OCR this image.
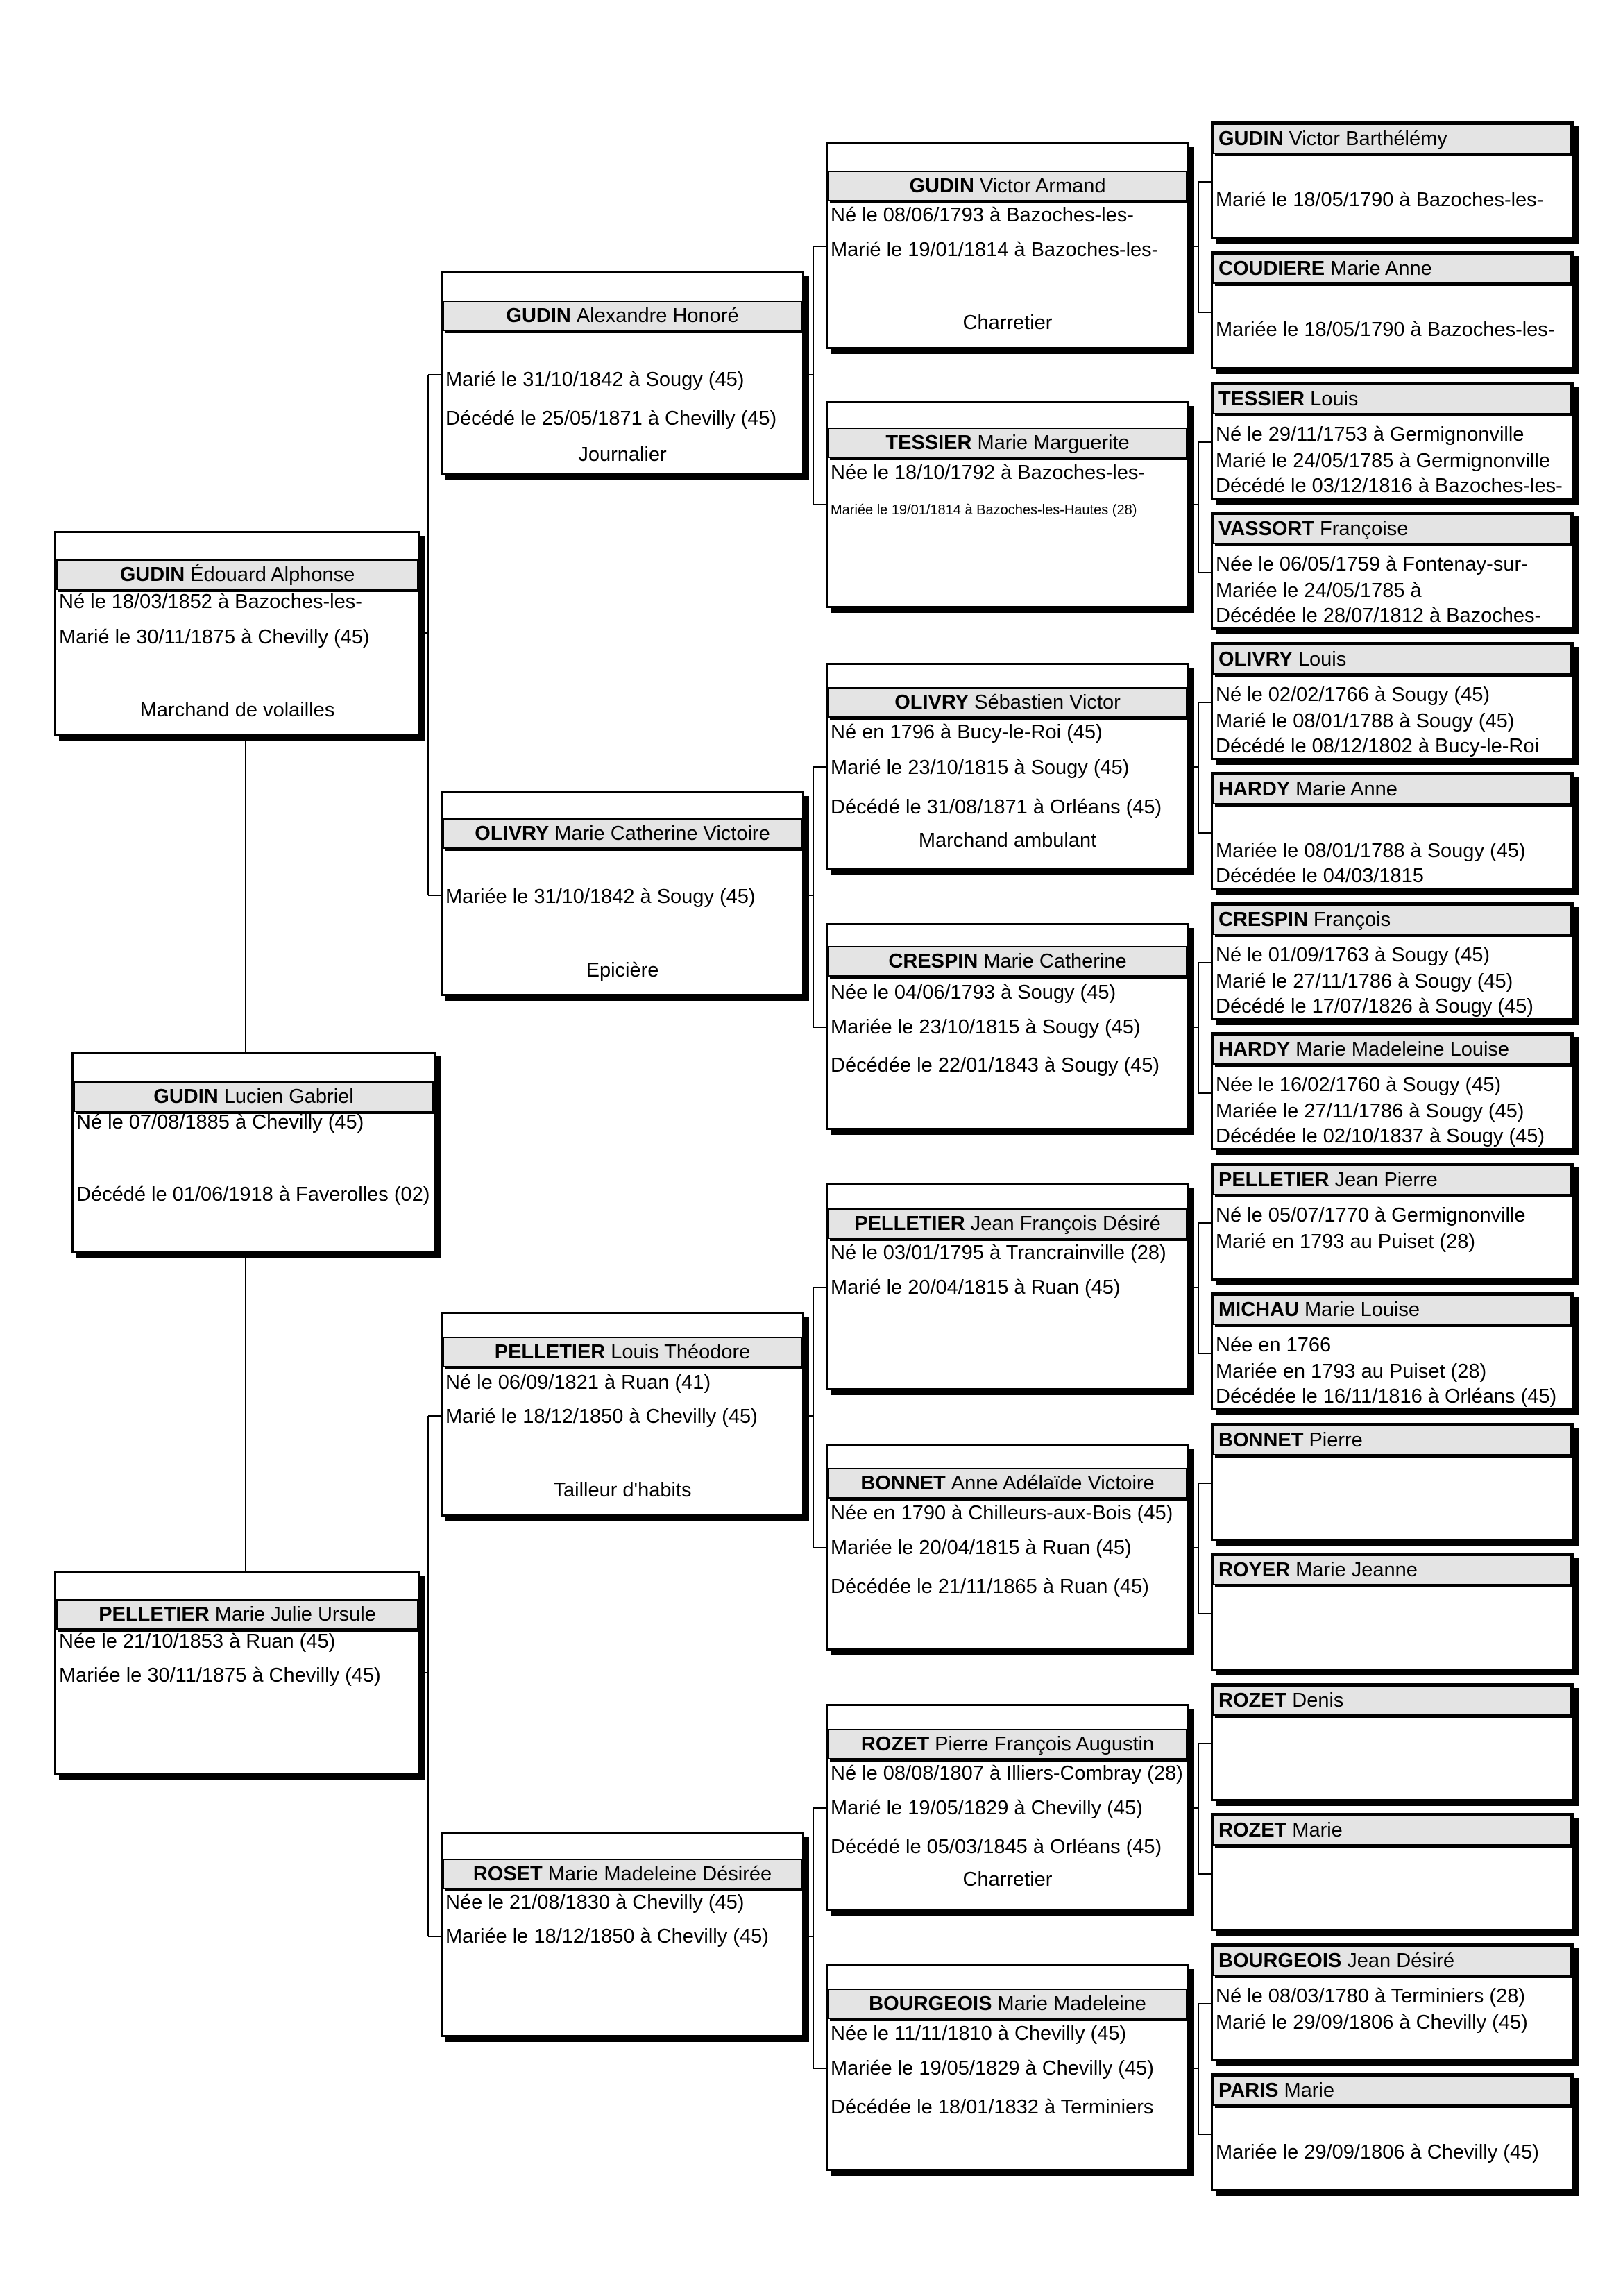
GUDIN Lucien Gabriel
Né le 07/08/1885 à Chevilly (45)
Décédé le 01/06/1918 à Faverolles (02)
GUDIN Édouard Alphonse
Né le 18/03/1852 à Bazoches-les-
Marié le 30/11/1875 à Chevilly (45)
Marchand de volailles
PELLETIER Marie Julie Ursule
Née le 21/10/1853 à Ruan (45)
Mariée le 30/11/1875 à Chevilly (45)
GUDIN Alexandre Honoré
Marié le 31/10/1842 à Sougy (45)
Décédé le 25/05/1871 à Chevilly (45)
Journalier
OLIVRY Marie Catherine Victoire
Mariée le 31/10/1842 à Sougy (45)
Epicière
PELLETIER Louis Théodore
Né le 06/09/1821 à Ruan (41)
Marié le 18/12/1850 à Chevilly (45)
Tailleur d'habits
ROSET Marie Madeleine Désirée
Née le 21/08/1830 à Chevilly (45)
Mariée le 18/12/1850 à Chevilly (45)
GUDIN Victor Armand
Né le 08/06/1793 à Bazoches-les-
Marié le 19/01/1814 à Bazoches-les-
Charretier
TESSIER Marie Marguerite
Née le 18/10/1792 à Bazoches-les-
Mariée le 19/01/1814 à Bazoches-les-Hautes (28)
OLIVRY Sébastien Victor
Né en 1796 à Bucy-le-Roi (45)
Marié le 23/10/1815 à Sougy (45)
Décédé le 31/08/1871 à Orléans (45)
Marchand ambulant
CRESPIN Marie Catherine
Née le 04/06/1793 à Sougy (45)
Mariée le 23/10/1815 à Sougy (45)
Décédée le 22/01/1843 à Sougy (45)
PELLETIER Jean François Désiré
Né le 03/01/1795 à Trancrainville (28)
Marié le 20/04/1815 à Ruan (45)
BONNET Anne Adélaïde Victoire
Née en 1790 à Chilleurs-aux-Bois (45)
Mariée le 20/04/1815 à Ruan (45)
Décédée le 21/11/1865 à Ruan (45)
ROZET Pierre François Augustin
Né le 08/08/1807 à Illiers-Combray (28)
Marié le 19/05/1829 à Chevilly (45)
Décédé le 05/03/1845 à Orléans (45)
Charretier
BOURGEOIS Marie Madeleine
Née le 11/11/1810 à Chevilly (45)
Mariée le 19/05/1829 à Chevilly (45)
Décédée le 18/01/1832 à Terminiers
GUDIN Victor Barthélémy
Marié le 18/05/1790 à Bazoches-les-
COUDIERE Marie Anne
Mariée le 18/05/1790 à Bazoches-les-
TESSIER Louis
Né le 29/11/1753 à Germignonville
Marié le 24/05/1785 à Germignonville
Décédé le 03/12/1816 à Bazoches-les-
VASSORT Françoise
Née le 06/05/1759 à Fontenay-sur-
Mariée le 24/05/1785 à
Décédée le 28/07/1812 à Bazoches-
OLIVRY Louis
Né le 02/02/1766 à Sougy (45)
Marié le 08/01/1788 à Sougy (45)
Décédé le 08/12/1802 à Bucy-le-Roi
HARDY Marie Anne
Mariée le 08/01/1788 à Sougy (45)
Décédée le 04/03/1815
CRESPIN François
Né le 01/09/1763 à Sougy (45)
Marié le 27/11/1786 à Sougy (45)
Décédé le 17/07/1826 à Sougy (45)
HARDY Marie Madeleine Louise
Née le 16/02/1760 à Sougy (45)
Mariée le 27/11/1786 à Sougy (45)
Décédée le 02/10/1837 à Sougy (45)
PELLETIER Jean Pierre
Né le 05/07/1770 à Germignonville
Marié en 1793 au Puiset (28)
MICHAU Marie Louise
Née en 1766
Mariée en 1793 au Puiset (28)
Décédée le 16/11/1816 à Orléans (45)
BONNET Pierre
ROYER Marie Jeanne
ROZET Denis
ROZET Marie
BOURGEOIS Jean Désiré
Né le 08/03/1780 à Terminiers (28)
Marié le 29/09/1806 à Chevilly (45)
PARIS Marie
Mariée le 29/09/1806 à Chevilly (45)
